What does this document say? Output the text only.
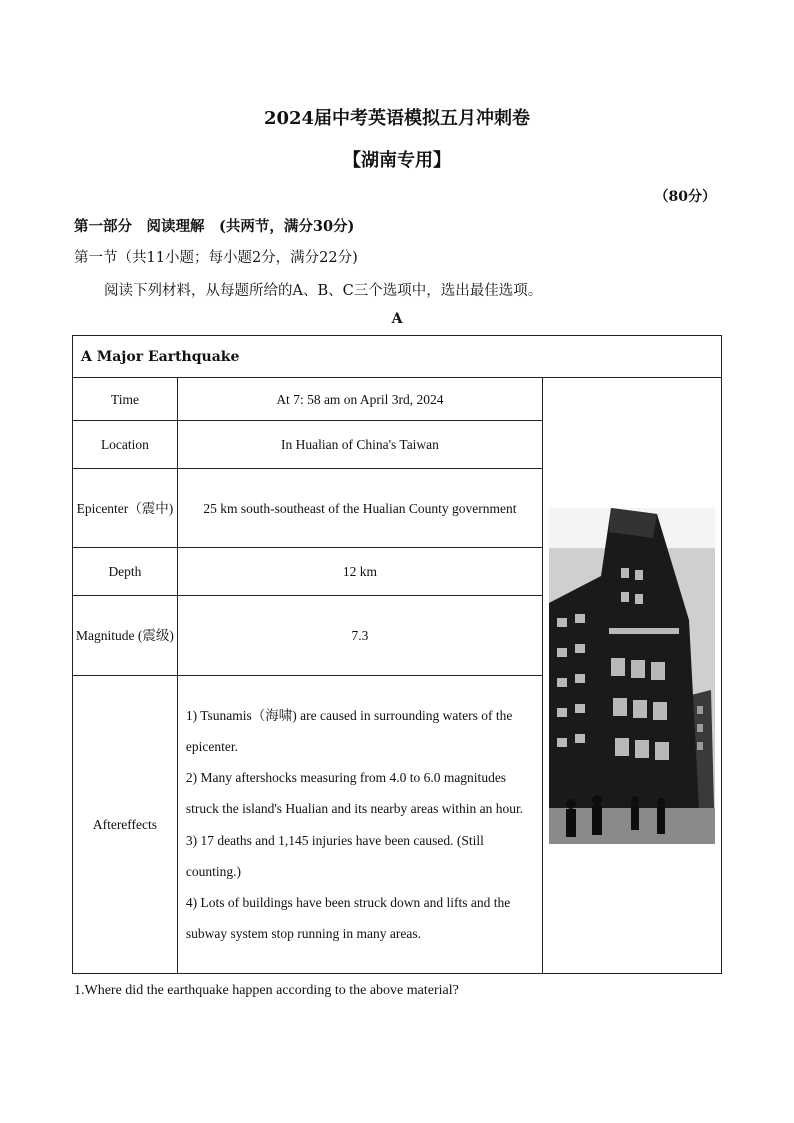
2024届中考英语模拟五月冲刺卷
【湖南专用】
（80分）
第一部分　阅读理解　(共两节，满分30分)
第一节（共11小题；每小题2分，满分22分)
阅读下列材料，从每题所给的A、B、C三个选项中，选出最佳选项。
A
A Major Earthquake		
Time	At 7: 58 am on April 3rd, 2024	

Location	In Hualian of China's Taiwan	
Epicenter（震中)	25 km south-southeast of the Hualian County government	
Depth	12 km	
Magnitude (震级)	7.3	
Aftereffects	1) Tsunamis（海啸) are caused in surrounding waters of the epicenter.
2) Many aftershocks measuring from 4.0 to 6.0 magnitudes struck the island's Hualian and its nearby areas within an hour.
3) 17 deaths and 1,145 injuries have been caused. (Still counting.)
4) Lots of buildings have been struck down and lifts and the subway system stop running in many areas.	
1.Where did the earthquake happen according to the above material?
